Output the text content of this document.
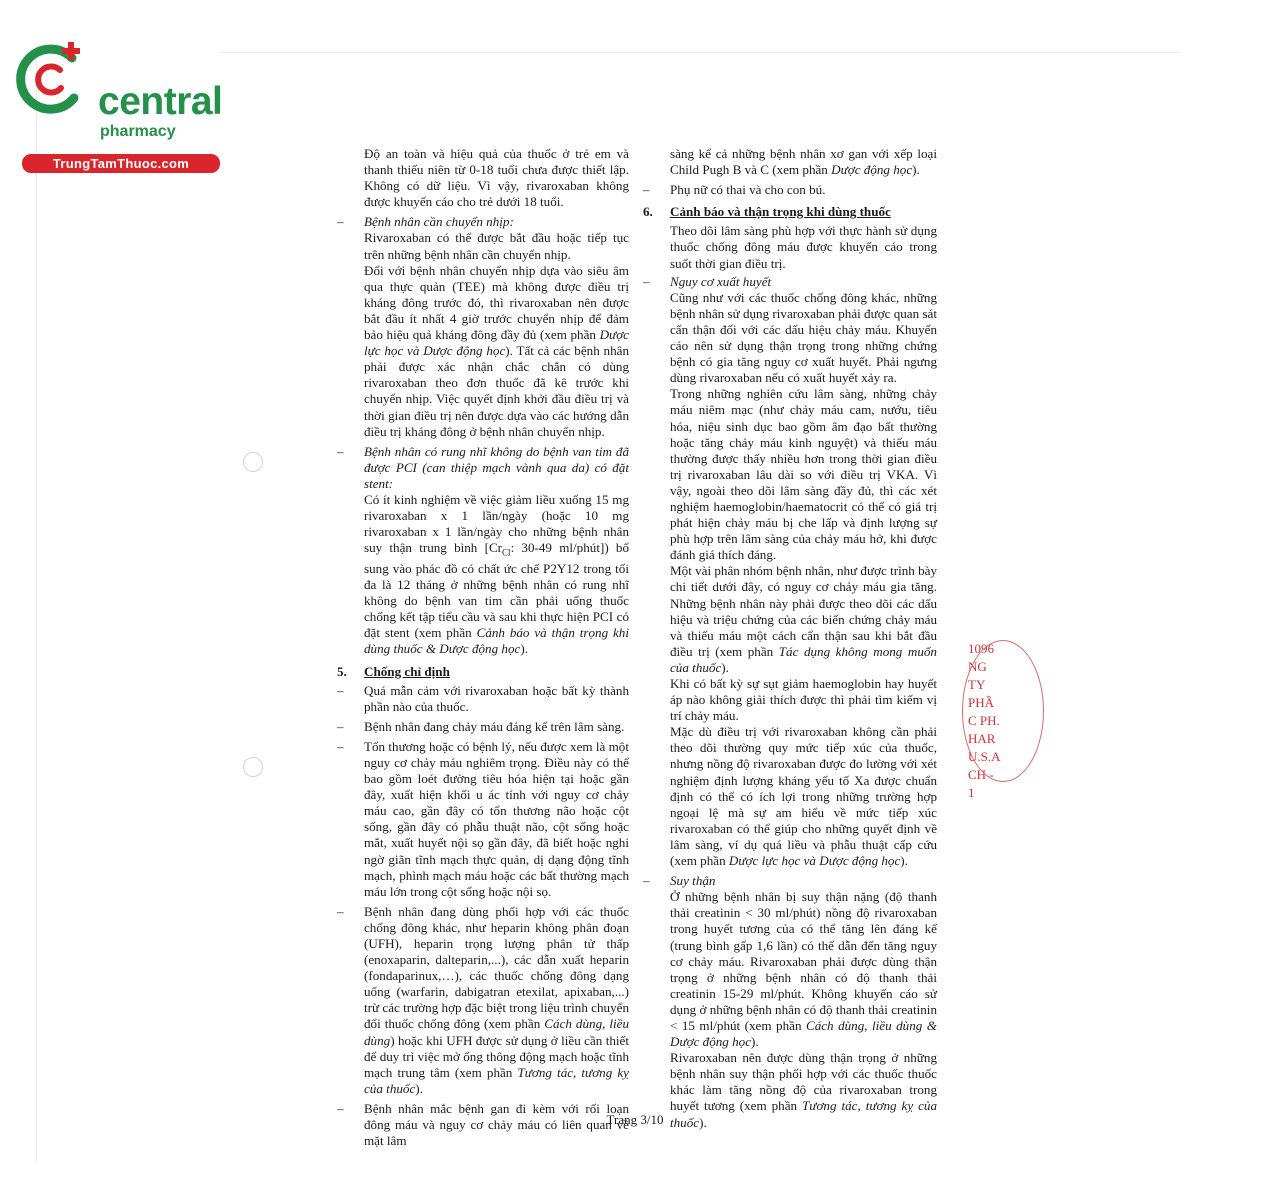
central
pharmacy
TrungTamThuoc.com

Độ an toàn và hiệu quả của thuốc ở trẻ em và thanh thiếu niên từ 0-18 tuổi chưa được thiết lập. Không có dữ liệu. Vì vậy, rivaroxaban không được khuyến cáo cho trẻ dưới 18 tuổi.

– Bệnh nhân cần chuyển nhịp:

Rivaroxaban có thể được bắt đầu hoặc tiếp tục trên những bệnh nhân cần chuyển nhịp.

Đối với bệnh nhân chuyển nhịp dựa vào siêu âm qua thực quản (TEE) mà không được điều trị kháng đông trước đó, thì rivaroxaban nên được bắt đầu ít nhất 4 giờ trước chuyển nhịp để đảm bảo hiệu quả kháng đông đầy đủ (xem phần Dược lực học và Dược động học). Tất cả các bệnh nhân phải được xác nhận chắc chắn có dùng rivaroxaban theo đơn thuốc đã kê trước khi chuyển nhịp. Việc quyết định khởi đầu điều trị và thời gian điều trị nên được dựa vào các hướng dẫn điều trị kháng đông ở bệnh nhân chuyển nhịp.

– Bệnh nhân có rung nhĩ không do bệnh van tim đã được PCI (can thiệp mạch vành qua da) có đặt stent:

Có ít kinh nghiệm về việc giảm liều xuống 15 mg rivaroxaban x 1 lần/ngày (hoặc 10 mg rivaroxaban x 1 lần/ngày cho những bệnh nhân suy thận trung bình [$Cr_{Cl}$: 30-49 ml/phút]) bổ sung vào phác đồ có chất ức chế P2Y12 trong tối đa là 12 tháng ở những bệnh nhân có rung nhĩ không do bệnh van tim cần phải uống thuốc chống kết tập tiểu cầu và sau khi thực hiện PCI có đặt stent (xem phần Cảnh báo và thận trọng khi dùng thuốc & Dược động học).

5. Chống chỉ định
– Quá mẫn cảm với rivaroxaban hoặc bất kỳ thành phần nào của thuốc.

– Bệnh nhân đang chảy máu đáng kể trên lâm sàng.

– Tổn thương hoặc có bệnh lý, nếu được xem là một nguy cơ chảy máu nghiêm trọng. Điều này có thể bao gồm loét đường tiêu hóa hiện tại hoặc gần đây, xuất hiện khối u ác tính với nguy cơ chảy máu cao, gần đây có tổn thương não hoặc cột sống, gần đây có phẫu thuật não, cột sống hoặc mắt, xuất huyết nội sọ gần đây, đã biết hoặc nghi ngờ giãn tĩnh mạch thực quản, dị dạng động tĩnh mạch, phình mạch máu hoặc các bất thường mạch máu lớn trong cột sống hoặc nội sọ.

– Bệnh nhân đang dùng phối hợp với các thuốc chống đông khác, như heparin không phân đoạn (UFH), heparin trọng lượng phân tử thấp (enoxaparin, dalteparin,...), các dẫn xuất heparin (fondaparinux,…), các thuốc chống đông dạng uống (warfarin, dabigatran etexilat, apixaban,...) trừ các trường hợp đặc biệt trong liệu trình chuyển đổi thuốc chống đông (xem phần Cách dùng, liều dùng) hoặc khi UFH được sử dụng ở liều cần thiết để duy trì việc mở ống thông động mạch hoặc tĩnh mạch trung tâm (xem phần Tương tác, tương kỵ của thuốc).

– Bệnh nhân mắc bệnh gan đi kèm với rối loạn đông máu và nguy cơ chảy máu có liên quan về mặt lâm

sàng kể cả những bệnh nhân xơ gan với xếp loại Child Pugh B và C (xem phần Dược động học).

– Phụ nữ có thai và cho con bú.

6. Cảnh báo và thận trọng khi dùng thuốc

Theo dõi lâm sàng phù hợp với thực hành sử dụng thuốc chống đông máu được khuyến cáo trong suốt thời gian điều trị.

– Nguy cơ xuất huyết

Cũng như với các thuốc chống đông khác, những bệnh nhân sử dụng rivaroxaban phải được quan sát cẩn thận đối với các dấu hiệu chảy máu. Khuyến cáo nên sử dụng thận trọng trong những chứng bệnh có gia tăng nguy cơ xuất huyết. Phải ngưng dùng rivaroxaban nếu có xuất huyết xảy ra.

Trong những nghiên cứu lâm sàng, những chảy máu niêm mạc (như chảy máu cam, nướu, tiêu hóa, niệu sinh dục bao gồm âm đạo bất thường hoặc tăng chảy máu kinh nguyệt) và thiếu máu thường được thấy nhiều hơn trong thời gian điều trị rivaroxaban lâu dài so với điều trị VKA. Vì vậy, ngoài theo dõi lâm sàng đầy đủ, thì các xét nghiệm haemoglobin/haematocrit có thể có giá trị phát hiện chảy máu bị che lấp và định lượng sự phù hợp trên lâm sàng của chảy máu hở, khi được đánh giá thích đáng.

Một vài phân nhóm bệnh nhân, như được trình bày chi tiết dưới đây, có nguy cơ chảy máu gia tăng. Những bệnh nhân này phải được theo dõi các dấu hiệu và triệu chứng của các biến chứng chảy máu và thiếu máu một cách cẩn thận sau khi bắt đầu điều trị (xem phần Tác dụng không mong muốn của thuốc).

Khi có bất kỳ sự sụt giảm haemoglobin hay huyết áp nào không giải thích được thì phải tìm kiếm vị trí chảy máu.

Mặc dù điều trị với rivaroxaban không cần phải theo dõi thường quy mức tiếp xúc của thuốc, nhưng nồng độ rivaroxaban được đo lường với xét nghiệm định lượng kháng yếu tố Xa được chuẩn định có thể có ích lợi trong những trường hợp ngoại lệ mà sự am hiểu về mức tiếp xúc rivaroxaban có thể giúp cho những quyết định về lâm sàng, ví dụ quá liều và phẫu thuật cấp cứu (xem phần Dược lực học và Dược động học).

– Suy thận

Ở những bệnh nhân bị suy thận nặng (độ thanh thải creatinin < 30 ml/phút) nồng độ rivaroxaban trong huyết tương của có thể tăng lên đáng kể (trung bình gấp 1,6 lần) có thể dẫn đến tăng nguy cơ chảy máu. Rivaroxaban phải được dùng thận trọng ở những bệnh nhân có độ thanh thải creatinin 15-29 ml/phút. Không khuyến cáo sử dụng ở những bệnh nhân có độ thanh thải creatinin < 15 ml/phút (xem phần Cách dùng, liều dùng & Dược động học).

Rivaroxaban nên được dùng thận trọng ở những bệnh nhân suy thận phối hợp với các thuốc thuốc khác làm tăng nồng độ của rivaroxaban trong huyết tương (xem phần Tương tác, tương kỵ của thuốc).

1096
NG TY
PHẦ
C PH.
HAR
U.S.A
CH - 1
Trang 3/10
